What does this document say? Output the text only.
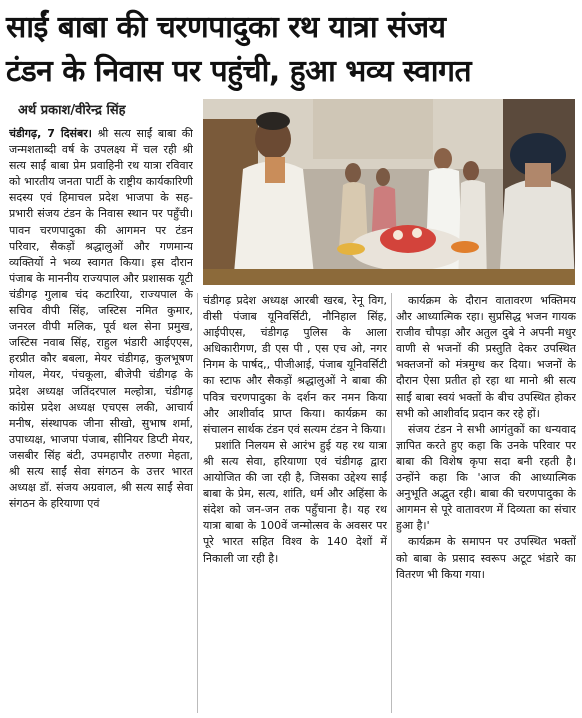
साईं बाबा की चरणपादुका रथ यात्रा संजय
टंडन के निवास पर पहुंची, हुआ भव्य स्वागत
अर्थ प्रकाश/वीरेन्द्र सिंह

चंडीगढ़, 7 दिसंबर। श्री सत्य साईं बाबा की जन्मशताब्दी वर्ष के उपलक्ष्य में चल रही श्री सत्य साईं बाबा प्रेम प्रवाहिनी रथ यात्रा रविवार को भारतीय जनता पार्टी के राष्ट्रीय कार्यकारिणी सदस्य एवं हिमाचल प्रदेश भाजपा के सह-प्रभारी संजय टंडन के निवास स्थान पर पहुँची। पावन चरणपादुका की आगमन पर टंडन परिवार, सैकड़ों श्रद्धालुओं और गणमान्य व्यक्तियों ने भव्य स्वागत किया। इस दौरान पंजाब के माननीय राज्यपाल और प्रशासक यूटी चंडीगढ़ गुलाब चंद कटारिया, राज्यपाल के सचिव वीपी सिंह, जस्टिस नमित कुमार, जनरल वीपी मलिक, पूर्व थल सेना प्रमुख, जस्टिस नवाब सिंह, राहुल भंडारी आईएएस, हरप्रीत कौर बबला, मेयर चंडीगढ़, कुलभूषण गोयल, मेयर, पंचकूला, बीजेपी चंडीगढ़ के प्रदेश अध्यक्ष जतिंदरपाल मल्होत्रा, चंडीगढ़ कांग्रेस प्रदेश अध्यक्ष एचएस लकी, आचार्य मनीष, संस्थापक जीना सीखो, सुभाष शर्मा, उपाध्यक्ष, भाजपा पंजाब, सीनियर डिप्टी मेयर, जसबीर सिंह बंटी, उपमहापौर तरुणा मेहता, श्री सत्य साईं सेवा संगठन के उत्तर भारत अध्यक्ष डॉ. संजय अग्रवाल, श्री सत्य साईं सेवा संगठन के हरियाणा एवं

चंडीगढ़ प्रदेश अध्यक्ष आरबी खरब, रेनू विग, वीसी पंजाब यूनिवर्सिटी, नौनिहाल सिंह, आईपीएस, चंडीगढ़ पुलिस के आला अधिकारीगण, डी एस पी , एस एच ओ, नगर निगम के पार्षद,, पीजीआई, पंजाब यूनिवर्सिटी का स्टाफ और सैकड़ों श्रद्धालुओं ने बाबा की पवित्र चरणपादुका के दर्शन कर नमन किया और आशीर्वाद प्राप्त किया। कार्यक्रम का संचालन सार्थक टंडन एवं सत्यम टंडन ने किया।

प्रशांति निलयम से आरंभ हुई यह रथ यात्रा श्री सत्य सेवा, हरियाणा एवं चंडीगढ़ द्वारा आयोजित की जा रही है, जिसका उद्देश्य साईं बाबा के प्रेम, सत्य, शांति, धर्म और अहिंसा के संदेश को जन-जन तक पहुँचाना है। यह रथ यात्रा बाबा के 100वें जन्मोत्सव के अवसर पर पूरे भारत सहित विश्व के 140 देशों में निकाली जा रही है।

कार्यक्रम के दौरान वातावरण भक्तिमय और आध्यात्मिक रहा। सुप्रसिद्ध भजन गायक राजीव चौपड़ा और अतुल दुबे ने अपनी मधुर वाणी से भजनों की प्रस्तुति देकर उपस्थित भक्तजनों को मंत्रमुग्ध कर दिया। भजनों के दौरान ऐसा प्रतीत हो रहा था मानो श्री सत्य साईं बाबा स्वयं भक्तों के बीच उपस्थित होकर सभी को आशीर्वाद प्रदान कर रहे हों।

संजय टंडन ने सभी आगंतुकों का धन्यवाद ज्ञापित करते हुए कहा कि उनके परिवार पर बाबा की विशेष कृपा सदा बनी रहती है। उन्होंने कहा कि 'आज की आध्यात्मिक अनुभूति अद्भुत रही। बाबा की चरणपादुका के आगमन से पूरे वातावरण में दिव्यता का संचार हुआ है।'

कार्यक्रम के समापन पर उपस्थित भक्तों को बाबा के प्रसाद स्वरूप अटूट भंडारे का वितरण भी किया गया।
